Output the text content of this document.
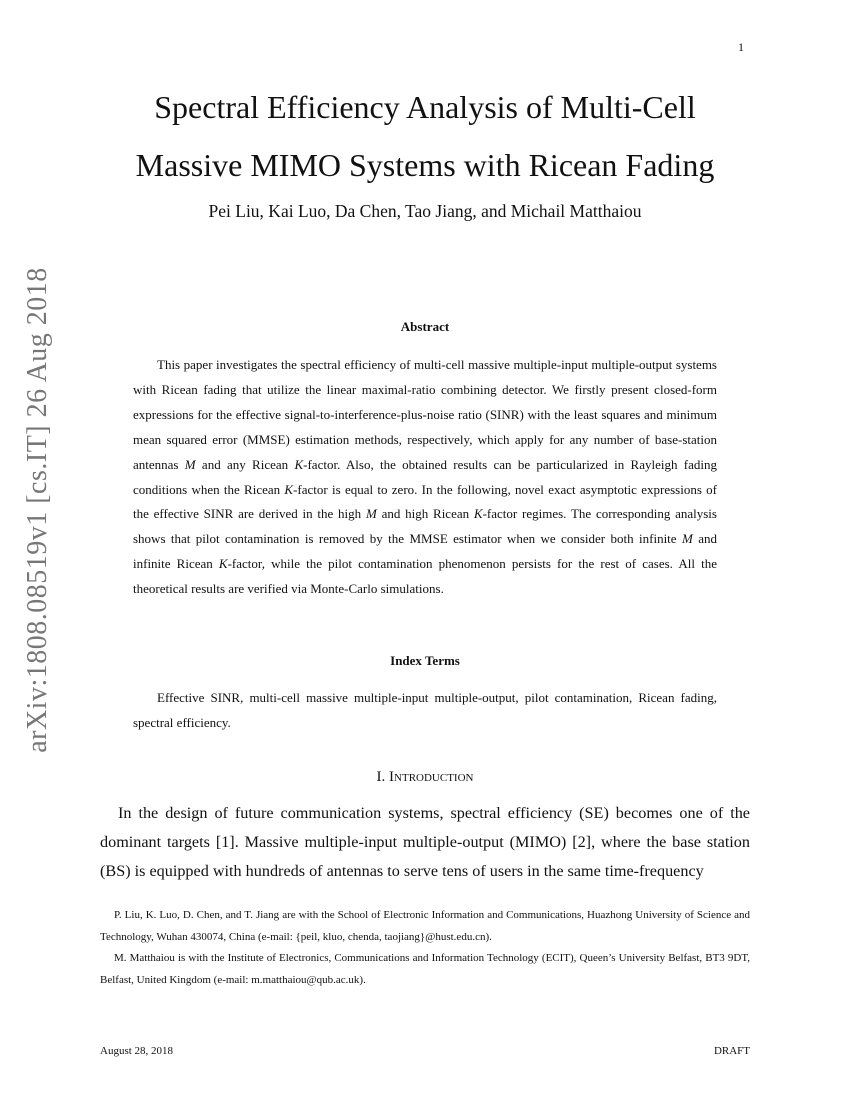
1
arXiv:1808.08519v1 [cs.IT] 26 Aug 2018
Spectral Efficiency Analysis of Multi-Cell
Massive MIMO Systems with Ricean Fading
Pei Liu, Kai Luo, Da Chen, Tao Jiang, and Michail Matthaiou
Abstract

This paper investigates the spectral efficiency of multi-cell massive multiple-input multiple-output systems with Ricean fading that utilize the linear maximal-ratio combining detector. We firstly present closed-form expressions for the effective signal-to-interference-plus-noise ratio (SINR) with the least squares and minimum mean squared error (MMSE) estimation methods, respectively, which apply for any number of base-station antennas M and any Ricean K-factor. Also, the obtained results can be particularized in Rayleigh fading conditions when the Ricean K-factor is equal to zero. In the following, novel exact asymptotic expressions of the effective SINR are derived in the high M and high Ricean K-factor regimes. The corresponding analysis shows that pilot contamination is removed by the MMSE estimator when we consider both infinite M and infinite Ricean K-factor, while the pilot contamination phenomenon persists for the rest of cases. All the theoretical results are verified via Monte-Carlo simulations.

Index Terms

Effective SINR, multi-cell massive multiple-input multiple-output, pilot contamination, Ricean fading, spectral efficiency.

I. Introduction

In the design of future communication systems, spectral efficiency (SE) becomes one of the dominant targets [1]. Massive multiple-input multiple-output (MIMO) [2], where the base station (BS) is equipped with hundreds of antennas to serve tens of users in the same time-frequency

P. Liu, K. Luo, D. Chen, and T. Jiang are with the School of Electronic Information and Communications, Huazhong University of Science and Technology, Wuhan 430074, China (e-mail: {peil, kluo, chenda, taojiang}@hust.edu.cn).

M. Matthaiou is with the Institute of Electronics, Communications and Information Technology (ECIT), Queen’s University Belfast, BT3 9DT, Belfast, United Kingdom (e-mail: m.matthaiou@qub.ac.uk).

August 28, 2018	DRAFT
